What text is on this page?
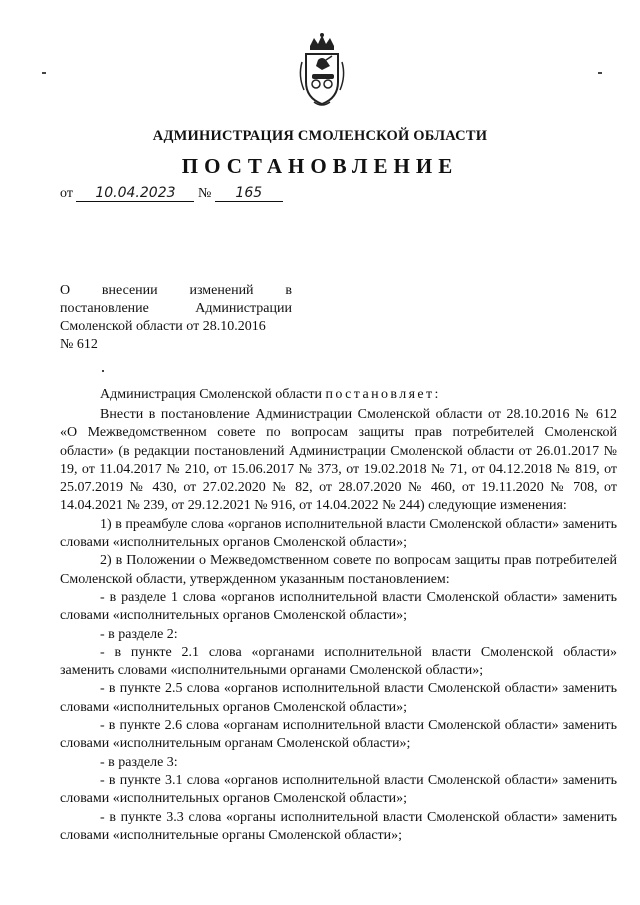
АДМИНИСТРАЦИЯ СМОЛЕНСКОЙ ОБЛАСТИ
ПОСТАНОВЛЕНИЕ
от 10.04.2023 № 165
О внесении изменений в
постановление	Администрации
Смоленской области от 28.10.2016
№ 612
Администрация Смоленской области постановляет:

Внести в постановление Администрации Смоленской области от 28.10.2016 № 612 «О Межведомственном совете по вопросам защиты прав потребителей Смоленской области» (в редакции постановлений Администрации Смоленской области от 26.01.2017 № 19, от 11.04.2017 № 210, от 15.06.2017 № 373, от 19.02.2018 № 71, от 04.12.2018 № 819, от 25.07.2019 № 430, от 27.02.2020 № 82, от 28.07.2020 № 460, от 19.11.2020 № 708, от 14.04.2021 № 239, от 29.12.2021 № 916, от 14.04.2022 № 244) следующие изменения:

1) в преамбуле слова «органов исполнительной власти Смоленской области» заменить словами «исполнительных органов Смоленской области»;

2) в Положении о Межведомственном совете по вопросам защиты прав потребителей Смоленской области, утвержденном указанным постановлением:

- в разделе 1 слова «органов исполнительной власти Смоленской области» заменить словами «исполнительных органов Смоленской области»;

- в разделе 2:

- в пункте 2.1 слова «органами исполнительной власти Смоленской области» заменить словами «исполнительными органами Смоленской области»;

- в пункте 2.5 слова «органов исполнительной власти Смоленской области» заменить словами «исполнительных органов Смоленской области»;

- в пункте 2.6 слова «органам исполнительной власти Смоленской области» заменить словами «исполнительным органам Смоленской области»;

- в разделе 3:

- в пункте 3.1 слова «органов исполнительной власти Смоленской области» заменить словами «исполнительных органов Смоленской области»;

- в пункте 3.3 слова «органы исполнительной власти Смоленской области» заменить словами «исполнительные органы Смоленской области»;
